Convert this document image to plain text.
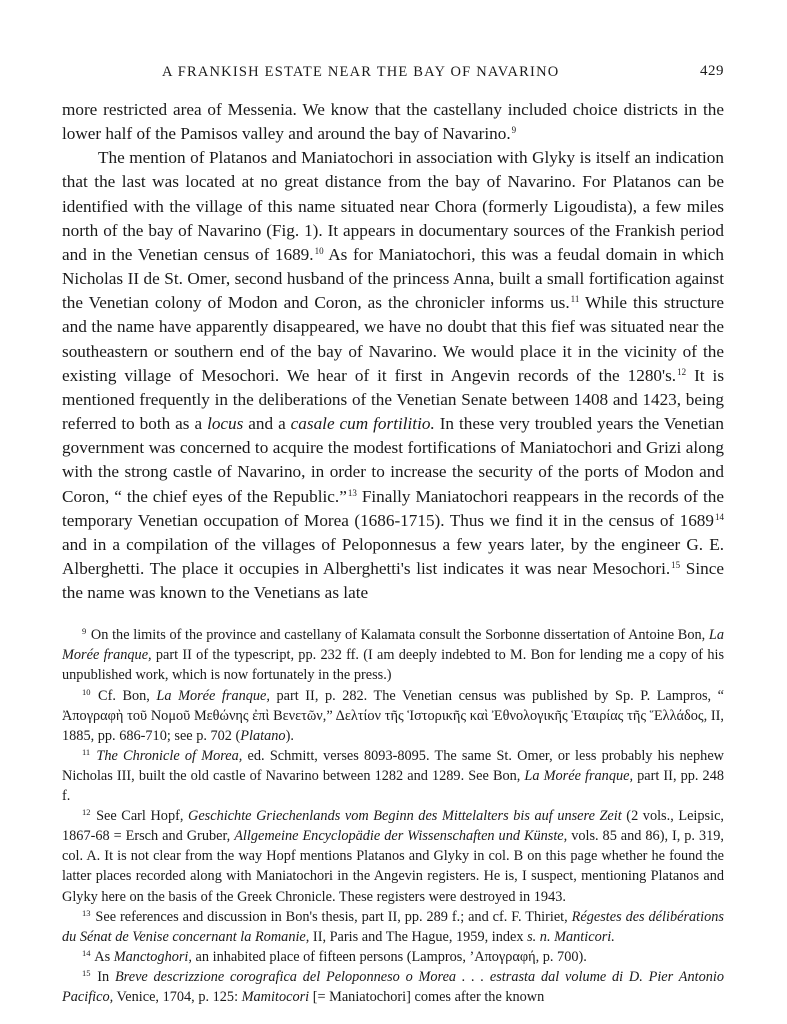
A FRANKISH ESTATE NEAR THE BAY OF NAVARINO	429

more restricted area of Messenia. We know that the castellany included choice districts in the lower half of the Pamisos valley and around the bay of Navarino.$^9$

The mention of Platanos and Maniatochori in association with Glyky is itself an indication that the last was located at no great distance from the bay of Navarino. For Platanos can be identified with the village of this name situated near Chora (formerly Ligoudista), a few miles north of the bay of Navarino (Fig. 1). It appears in documentary sources of the Frankish period and in the Venetian census of 1689.10 As for Maniatochori, this was a feudal domain in which Nicholas II de St. Omer, second husband of the princess Anna, built a small fortification against the Venetian colony of Modon and Coron, as the chronicler informs us.$^{11}$ While this structure and the name have apparently disappeared, we have no doubt that this fief was situated near the southeastern or southern end of the bay of Navarino. We would place it in the vicinity of the existing village of Mesochori. We hear of it first in Angevin records of the 1280's.$^{12}$ It is mentioned frequently in the deliberations of the Venetian Senate between 1408 and 1423, being referred to both as a locus and a casale cum fortilitio. In these very troubled years the Venetian government was concerned to acquire the modest fortifications of Maniatochori and Grizi along with the strong castle of Navarino, in order to increase the security of the ports of Modon and Coron, “ the chief eyes of the Republic.”$^{13}$ Finally Maniatochori reappears in the records of the temporary Venetian occupation of Morea (1686-1715). Thus we find it in the census of 1689$^{14}$ and in a compilation of the villages of Peloponnesus a few years later, by the engineer G. E. Alberghetti. The place it occupies in Alberghetti's list indicates it was near Mesochori.$^{15}$ Since the name was known to the Venetians as late

$^9$ On the limits of the province and castellany of Kalamata consult the Sorbonne dissertation of Antoine Bon, La Morée franque, part II of the typescript, pp. 232 ff. (I am deeply indebted to M. Bon for lending me a copy of his unpublished work, which is now fortunately in the press.)

$^{10}$ Cf. Bon, La Morée franque, part II, p. 282. The Venetian census was published by Sp. P. Lampros, “ Ἀπογραφὴ τοῦ Νομοῦ Μεθώνης ἐπὶ Βενετῶν,” Δελτίον τῆς Ἱστορικῆς καὶ Ἐθνολογικῆς Ἑταιρίας τῆς Ἕλλάδος, II, 1885, pp. 686-710; see p. 702 (Platano).

$^{11}$ The Chronicle of Morea, ed. Schmitt, verses 8093-8095. The same St. Omer, or less probably his nephew Nicholas III, built the old castle of Navarino between 1282 and 1289. See Bon, La Morée franque, part II, pp. 248 f.

$^{12}$ See Carl Hopf, Geschichte Griechenlands vom Beginn des Mittelalters bis auf unsere Zeit (2 vols., Leipsic, 1867-68 = Ersch and Gruber, Allgemeine Encyclopädie der Wissenschaften und Künste, vols. 85 and 86), I, p. 319, col. A. It is not clear from the way Hopf mentions Platanos and Glyky in col. B on this page whether he found the latter places recorded along with Maniatochori in the Angevin registers. He is, I suspect, mentioning Platanos and Glyky here on the basis of the Greek Chronicle. These registers were destroyed in 1943.

$^{13}$ See references and discussion in Bon's thesis, part II, pp. 289 f.; and cf. F. Thiriet, Régestes des délibérations du Sénat de Venise concernant la Romanie, II, Paris and The Hague, 1959, index s. n. Manticori.

$^{14}$ As Manctoghori, an inhabited place of fifteen persons (Lampros, ’Απογραφή, p. 700).

$^{15}$ In Breve descrizzione corografica del Peloponneso o Morea . . . estrasta dal volume di D. Pier Antonio Pacifico, Venice, 1704, p. 125: Mamitocori [= Maniatochori] comes after the known
